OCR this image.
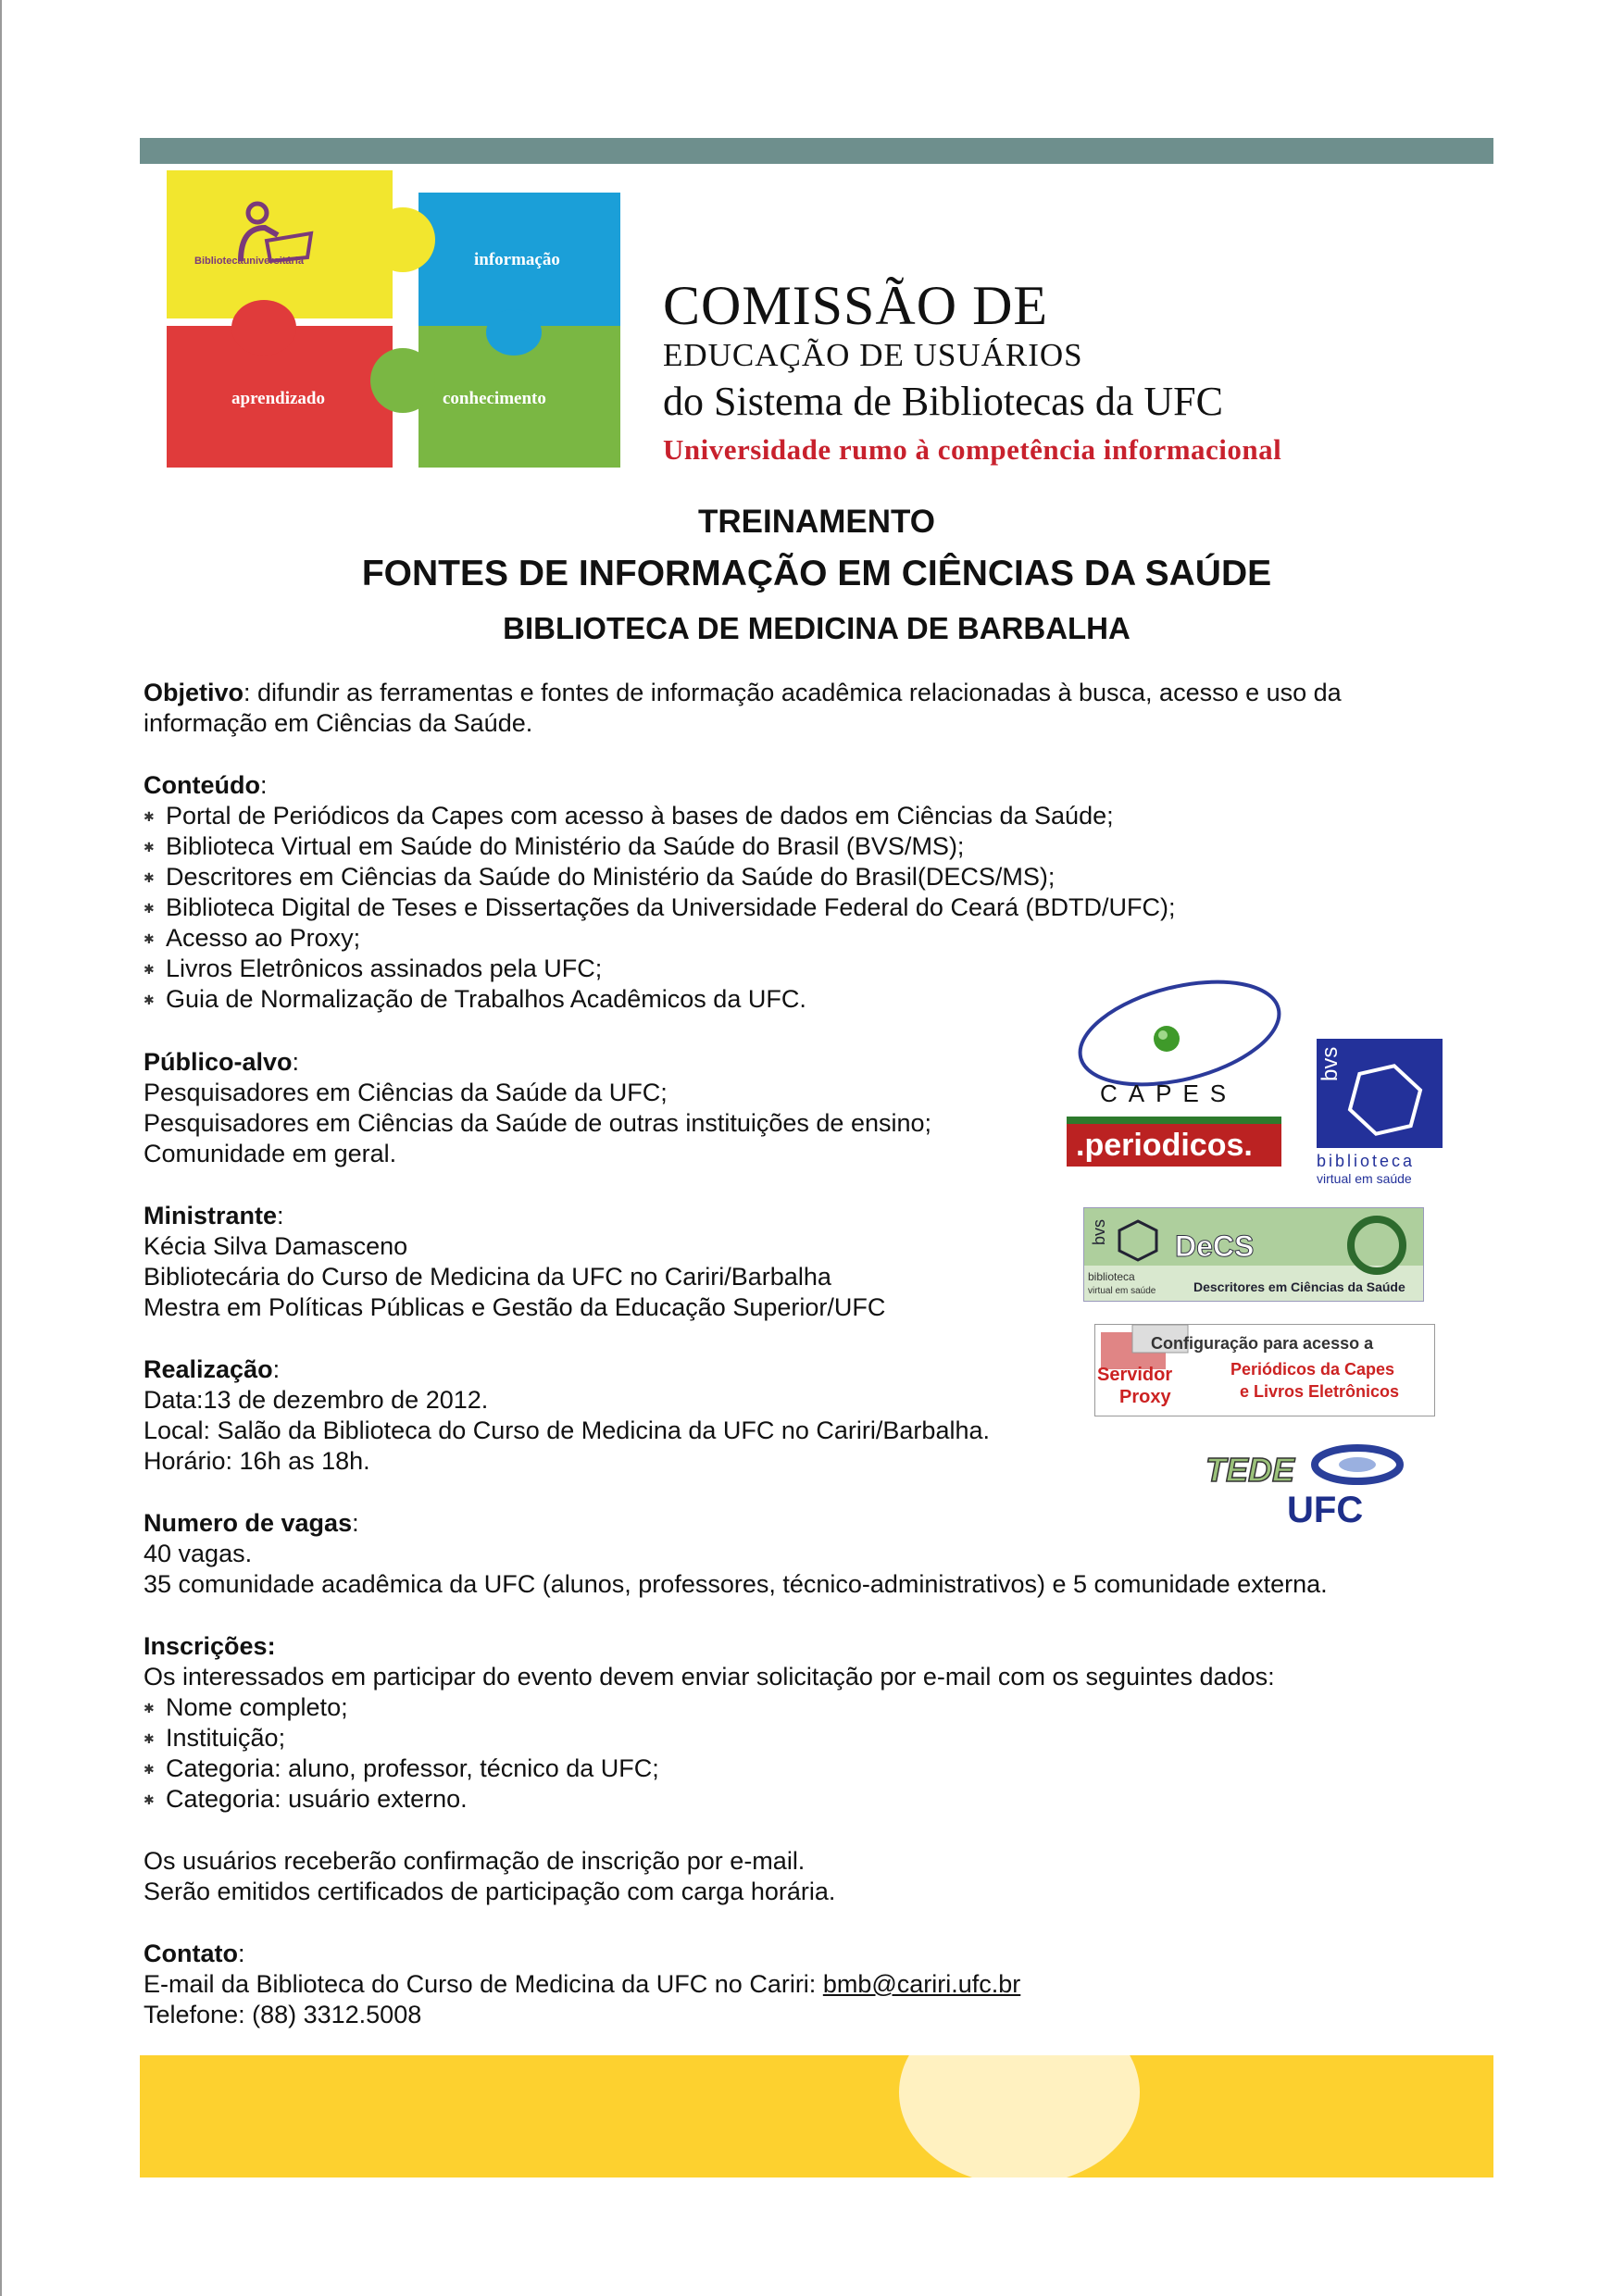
Bibliotecauniversitária	informação
aprendizado	conhecimento
COMISSÃO DE
EDUCAÇÃO DE USUÁRIOS
do Sistema de Bibliotecas da UFC
Universidade rumo à competência informacional
TREINAMENTO
FONTES DE INFORMAÇÃO EM CIÊNCIAS DA SAÚDE
BIBLIOTECA DE MEDICINA DE BARBALHA
Objetivo: difundir as ferramentas e fontes de informação acadêmica relacionadas à busca, acesso e uso da
informação em Ciências da Saúde.
Conteúdo:
✱ Portal de Periódicos da Capes com acesso à bases de dados em Ciências da Saúde;
✱ Biblioteca Virtual em Saúde do Ministério da Saúde do Brasil (BVS/MS);
✱ Descritores em Ciências da Saúde do Ministério da Saúde do Brasil(DECS/MS);
✱ Biblioteca Digital de Teses e Dissertações da Universidade Federal do Ceará (BDTD/UFC);
✱ Acesso ao Proxy;
✱ Livros Eletrônicos assinados pela UFC;
✱ Guia de Normalização de Trabalhos Acadêmicos da UFC.
Público-alvo:
Pesquisadores em Ciências da Saúde da UFC;
Pesquisadores em Ciências da Saúde de outras instituições de ensino;
Comunidade em geral.
Ministrante:
Kécia Silva Damasceno
Bibliotecária do Curso de Medicina da UFC no Cariri/Barbalha
Mestra em Políticas Públicas e Gestão da Educação Superior/UFC
Realização:
Data:13 de dezembro de 2012.
Local: Salão da Biblioteca do Curso de Medicina da UFC no Cariri/Barbalha.
Horário: 16h as 18h.
Numero de vagas:
40 vagas.
35 comunidade acadêmica da UFC (alunos, professores, técnico-administrativos) e 5 comunidade externa.
Inscrições:
Os interessados em participar do evento devem enviar solicitação por e-mail com os seguintes dados:
✱ Nome completo;
✱ Instituição;
✱ Categoria: aluno, professor, técnico da UFC;
✱ Categoria: usuário externo.
Os usuários receberão confirmação de inscrição por e-mail.
Serão emitidos certificados de participação com carga horária.
Contato:
E-mail da Biblioteca do Curso de Medicina da UFC no Cariri: bmb@cariri.ufc.br
Telefone: (88) 3312.5008
CAPES
.periodicos.
bvs
biblioteca
virtual em saúde
bvs DeCS
biblioteca
virtual em saúde	Descritores em Ciências da Saúde
Configuração para acesso a
Periódicos da Capes
e Livros Eletrônicos
Servidor
Proxy
TEDE
UFC
